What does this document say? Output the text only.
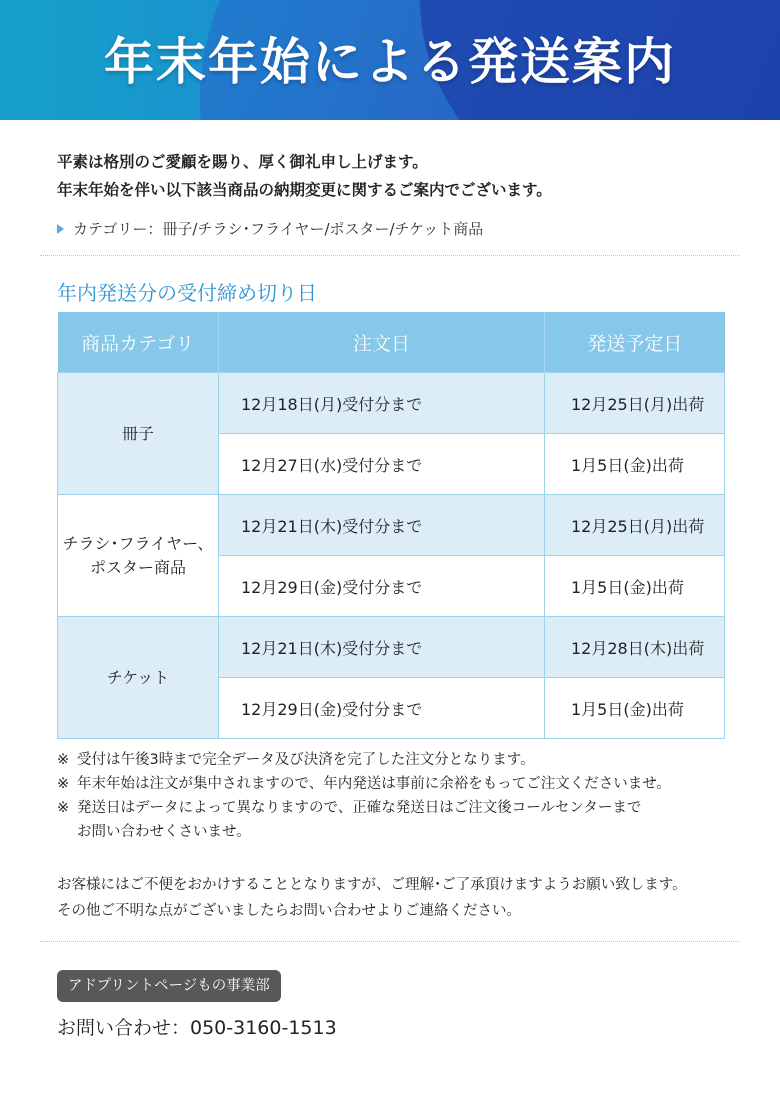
年末年始による発送案内

平素は格別のご愛顧を賜り、厚く御礼申し上げます。

年末年始を伴い以下該当商品の納期変更に関するご案内でございます。

カテゴリー：冊子/チラシ･フライヤー/ポスター/チケット商品
年内発送分の受付締め切り日
商品カテゴリ	注文日	発送予定日
冊子	12月18日(月)受付分まで	12月25日(月)出荷
	12月27日(水)受付分まで	1月5日(金)出荷
チラシ･フライヤー、
ポスター商品	12月21日(木)受付分まで	12月25日(月)出荷
	12月29日(金)受付分まで	1月5日(金)出荷
チケット	12月21日(木)受付分まで	12月28日(木)出荷
	12月29日(金)受付分まで	1月5日(金)出荷
※ 受付は午後3時まで完全データ及び決済を完了した注文分となります。
※ 年末年始は注文が集中されますので、年内発送は事前に余裕をもってご注文くださいませ。
※ 発送日はデータによって異なりますので、正確な発送日はご注文後コールセンターまで
お問い合わせくさいませ。

お客様にはご不便をおかけすることとなりますが、ご理解･ご了承頂けますようお願い致します。

その他ご不明な点がございましたらお問い合わせよりご連絡ください。

アドプリントページもの事業部
お問い合わせ：050-3160-1513
